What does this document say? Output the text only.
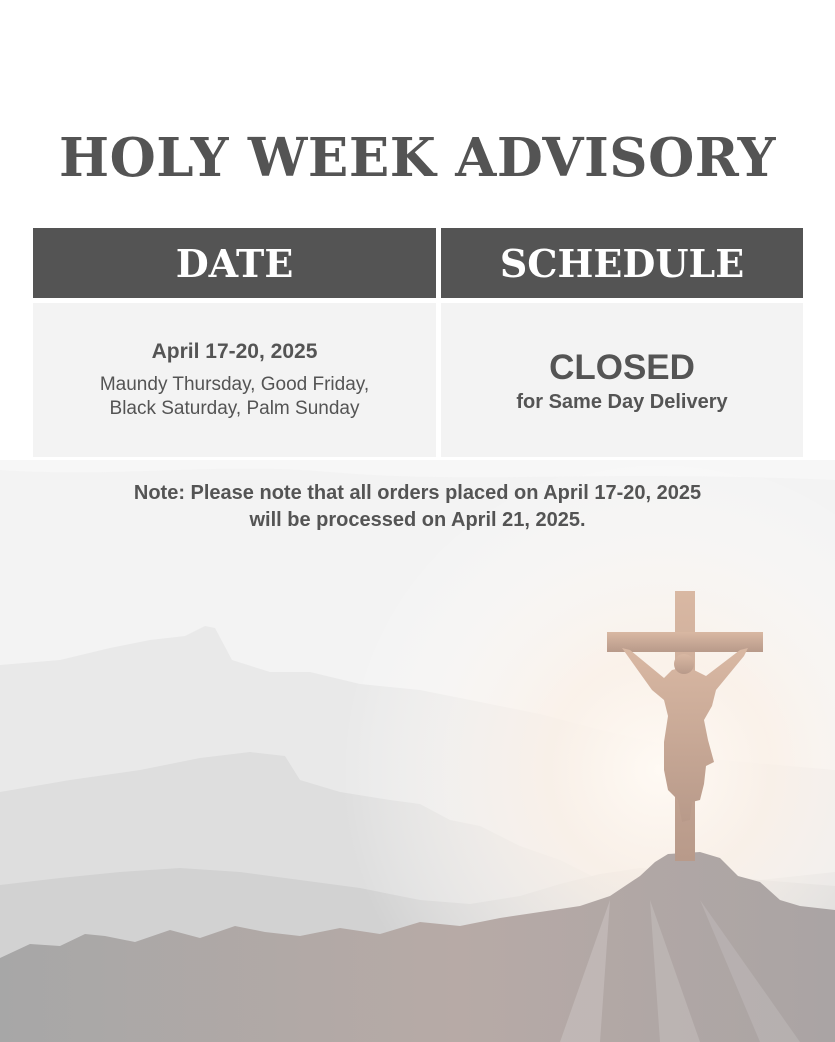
HOLY WEEK ADVISORY
DATE	SCHEDULE
April 17-20, 2025
Maundy Thursday, Good Friday, Black Saturday, Palm Sunday
CLOSED
for Same Day Delivery
Note: Please note that all orders placed on April 17-20, 2025
will be processed on April 21, 2025.
